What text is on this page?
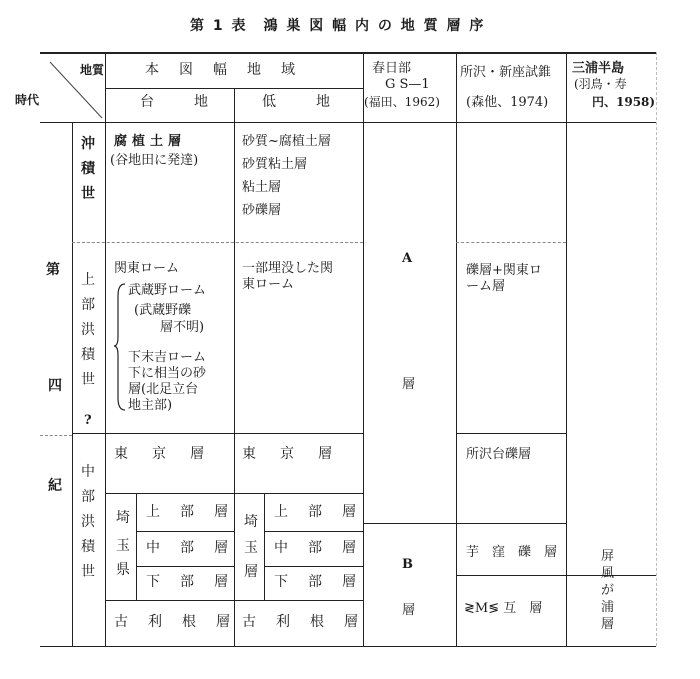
第 1 表　鴻 巣 図 幅 内 の 地 質 層 序
地質
時代
本　図　幅　地　域
台　　地	低　　地
春日部
G S—1
(福田、1962)
所沢・新座試錐
(森他、1974)
三浦半島
(羽鳥・寿
円、1958)
第
四
紀
沖積世
上部洪積世
?
中部洪積世
腐植土層
(谷地田に発達)
砂質~腐植土層
砂質粘土層
粘土層
砂礫層
関東ローム
武蔵野ローム
(武蔵野礫
層不明)
下末吉ローム
下に相当の砂
層(北足立台
地主部)
一部埋没した関
東ローム
礫層+関東ロ
ーム層
A
層
B
層
東　京　層 東　京　層	所沢台礫層
埼
玉
県
上　部　層
中　部　層
下　部　層
埼
玉
層
上　部　層
中　部　層
下　部　層
古　利　根　層 古　利　根　層
芋　窪　礫　層
≷M≶ 互　層
屏風が浦層
